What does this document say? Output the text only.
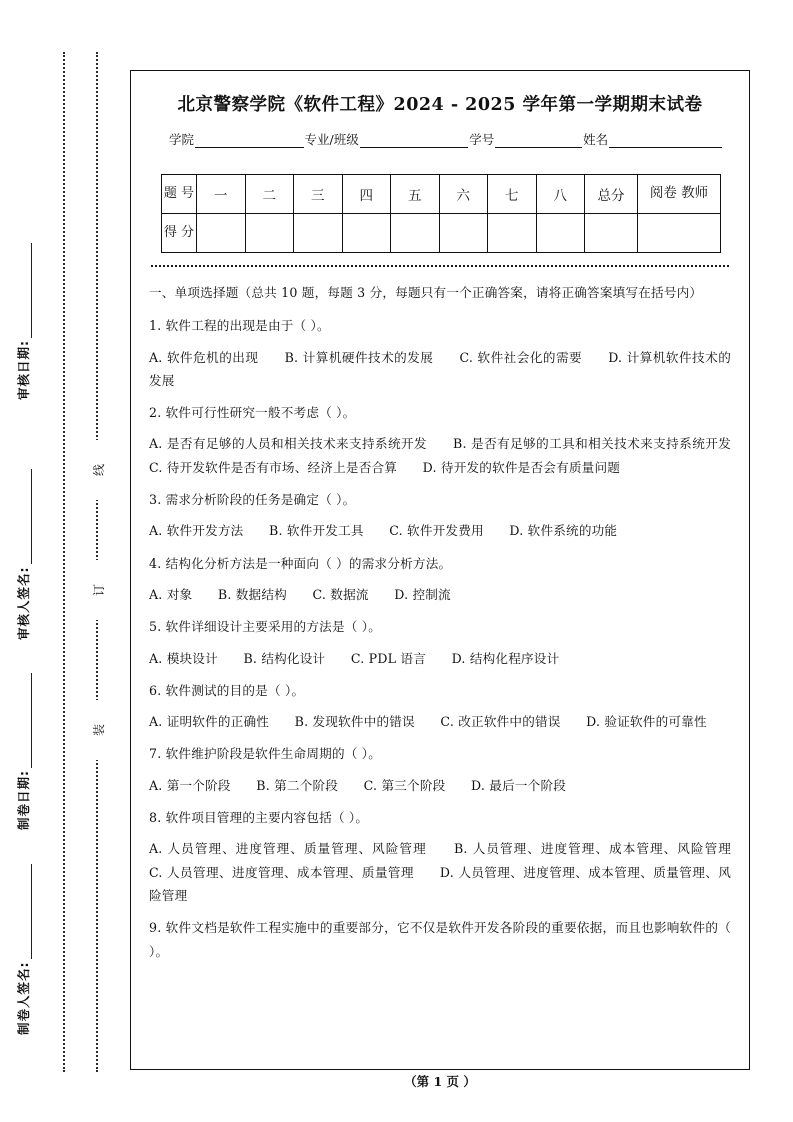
审核日期:
审核人签名:
制卷日期:
制卷人签名:
线
订
装
北京警察学院《软件工程》2024 - 2025 学年第一学期期末试卷
学院	专业/班级	学号	姓名
题 号	一	二	三	四	五	六	七	八	总分	阅卷 教师
得 分										

一、单项选择题（总共 10 题，每题 3 分，每题只有一个正确答案，请将正确答案填写在括号内）

1. 软件工程的出现是由于（ ）。

A. 软件危机的出现　　B. 计算机硬件技术的发展　　C. 软件社会化的需要　　D. 计算机软件技术的发展

2. 软件可行性研究一般不考虑（ ）。

A. 是否有足够的人员和相关技术来支持系统开发　　B. 是否有足够的工具和相关技术来支持系统开发　　C. 待开发软件是否有市场、经济上是否合算　　D. 待开发的软件是否会有质量问题

3. 需求分析阶段的任务是确定（ ）。

A. 软件开发方法　　B. 软件开发工具　　C. 软件开发费用　　D. 软件系统的功能

4. 结构化分析方法是一种面向（ ）的需求分析方法。

A. 对象　　B. 数据结构　　C. 数据流　　D. 控制流

5. 软件详细设计主要采用的方法是（ ）。

A. 模块设计　　B. 结构化设计　　C. PDL 语言　　D. 结构化程序设计

6. 软件测试的目的是（ ）。

A. 证明软件的正确性　　B. 发现软件中的错误　　C. 改正软件中的错误　　D. 验证软件的可靠性

7. 软件维护阶段是软件生命周期的（ ）。

A. 第一个阶段　　B. 第二个阶段　　C. 第三个阶段　　D. 最后一个阶段

8. 软件项目管理的主要内容包括（ ）。

A. 人员管理、进度管理、质量管理、风险管理　　B. 人员管理、进度管理、成本管理、风险管理　　C. 人员管理、进度管理、成本管理、质量管理　　D. 人员管理、进度管理、成本管理、质量管理、风险管理

9. 软件文档是软件工程实施中的重要部分，它不仅是软件开发各阶段的重要依据，而且也影响软件的（ ）。

（第 1 页 ）
